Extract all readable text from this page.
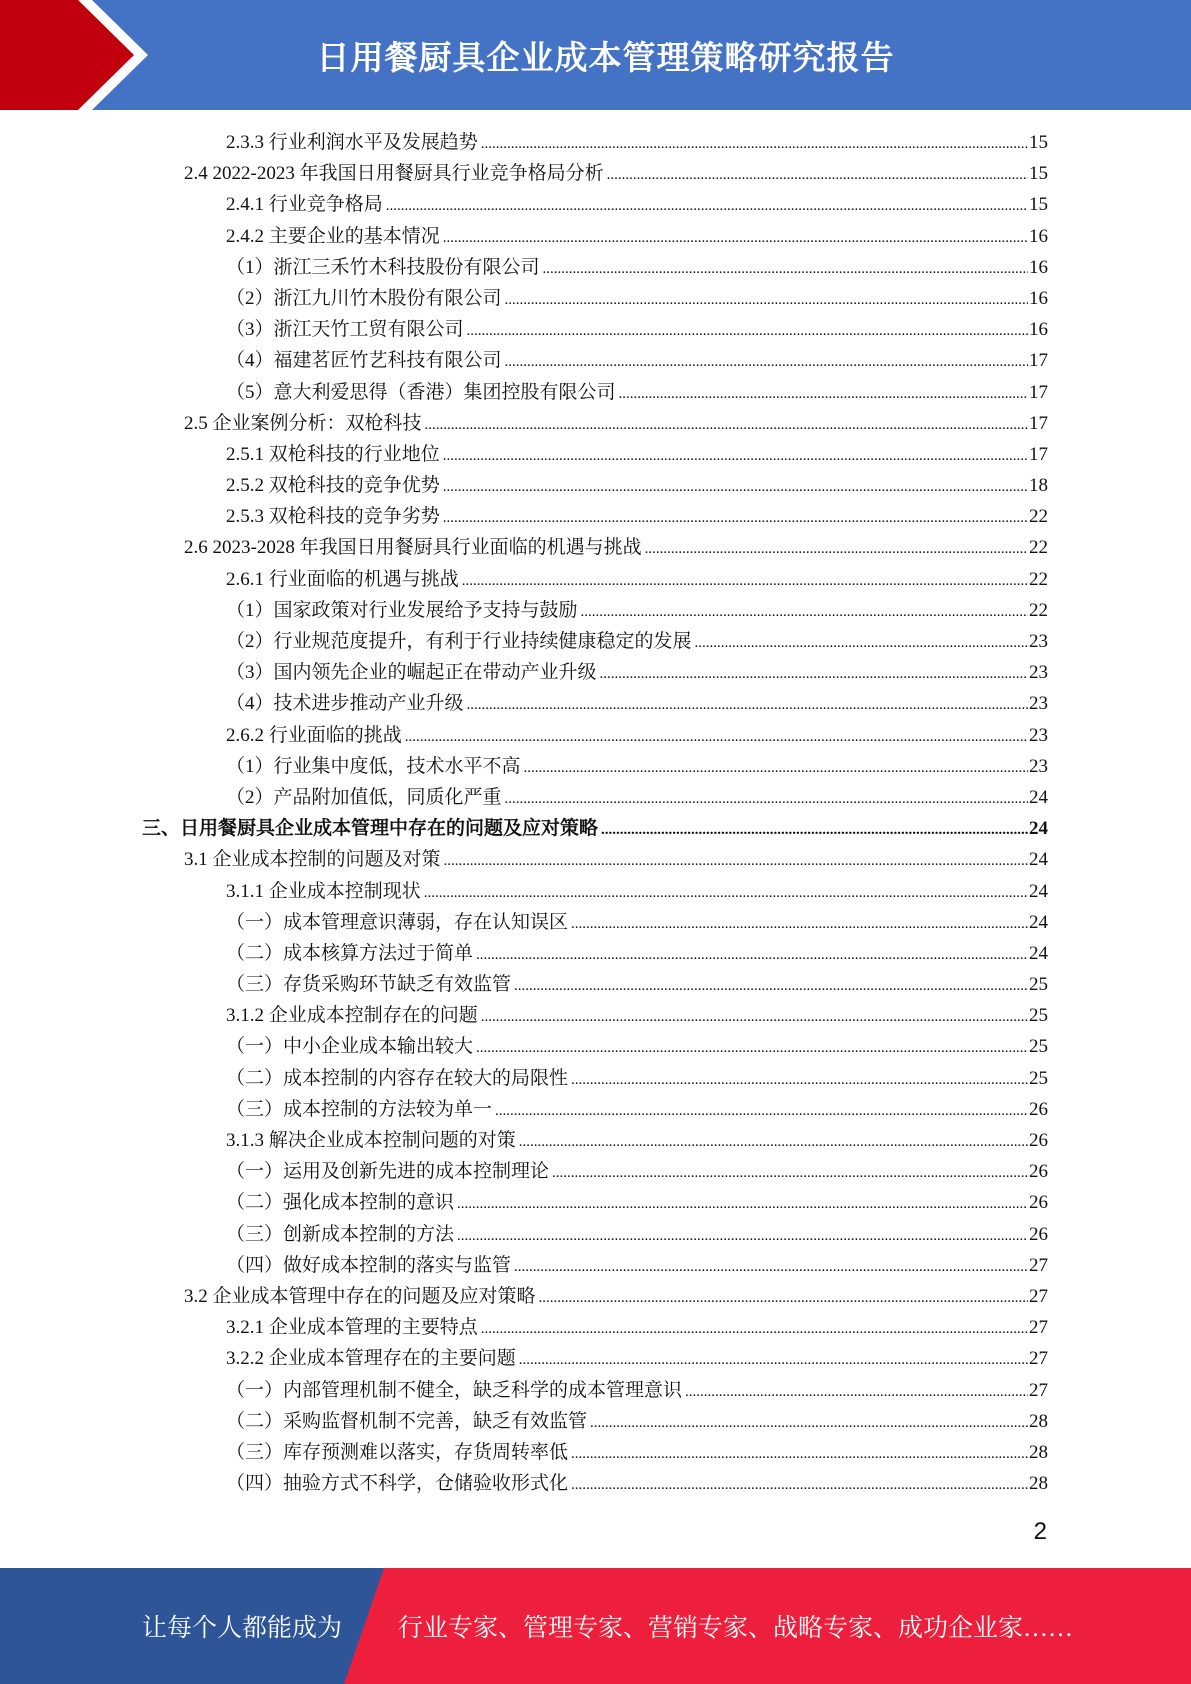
日用餐厨具企业成本管理策略研究报告
2.3.3 行业利润水平及发展趋势 .....	15
2.4 2022-2023 年我国日用餐厨具行业竞争格局分析 .....	15
2.4.1 行业竞争格局 .....	15
2.4.2 主要企业的基本情况 .....	16
（1）浙江三禾竹木科技股份有限公司 .....	16
（2）浙江九川竹木股份有限公司 .....	16
（3）浙江天竹工贸有限公司 .....	16
（4）福建茗匠竹艺科技有限公司 .....	17
（5）意大利爱思得（香港）集团控股有限公司 .....	17
2.5 企业案例分析：双枪科技 .....	17
2.5.1 双枪科技的行业地位 .....	17
2.5.2 双枪科技的竞争优势 .....	18
2.5.3 双枪科技的竞争劣势 .....	22
2.6 2023-2028 年我国日用餐厨具行业面临的机遇与挑战 .....	22
2.6.1 行业面临的机遇与挑战 .....	22
（1）国家政策对行业发展给予支持与鼓励 .....	22
（2）行业规范度提升，有利于行业持续健康稳定的发展 .....	23
（3）国内领先企业的崛起正在带动产业升级 .....	23
（4）技术进步推动产业升级 .....	23
2.6.2 行业面临的挑战 .....	23
（1）行业集中度低，技术水平不高 .....	23
（2）产品附加值低，同质化严重 .....	24
三、日用餐厨具企业成本管理中存在的问题及应对策略 .....	24
3.1 企业成本控制的问题及对策 .....	24
3.1.1 企业成本控制现状 .....	24
（一）成本管理意识薄弱，存在认知误区 .....	24
（二）成本核算方法过于简单 .....	24
（三）存货采购环节缺乏有效监管 .....	25
3.1.2 企业成本控制存在的问题 .....	25
（一）中小企业成本输出较大 .....	25
（二）成本控制的内容存在较大的局限性 .....	25
（三）成本控制的方法较为单一 .....	26
3.1.3 解决企业成本控制问题的对策 .....	26
（一）运用及创新先进的成本控制理论 .....	26
（二）强化成本控制的意识 .....	26
（三）创新成本控制的方法 .....	26
（四）做好成本控制的落实与监管 .....	27
3.2 企业成本管理中存在的问题及应对策略 .....	27
3.2.1 企业成本管理的主要特点 .....	27
3.2.2 企业成本管理存在的主要问题 .....	27
（一）内部管理机制不健全，缺乏科学的成本管理意识 .....	27
（二）采购监督机制不完善，缺乏有效监管 .....	28
（三）库存预测难以落实，存货周转率低 .....	28
（四）抽验方式不科学，仓储验收形式化 .....	28
2
让每个人都能成为 行业专家、管理专家、营销专家、战略专家、成功企业家……
